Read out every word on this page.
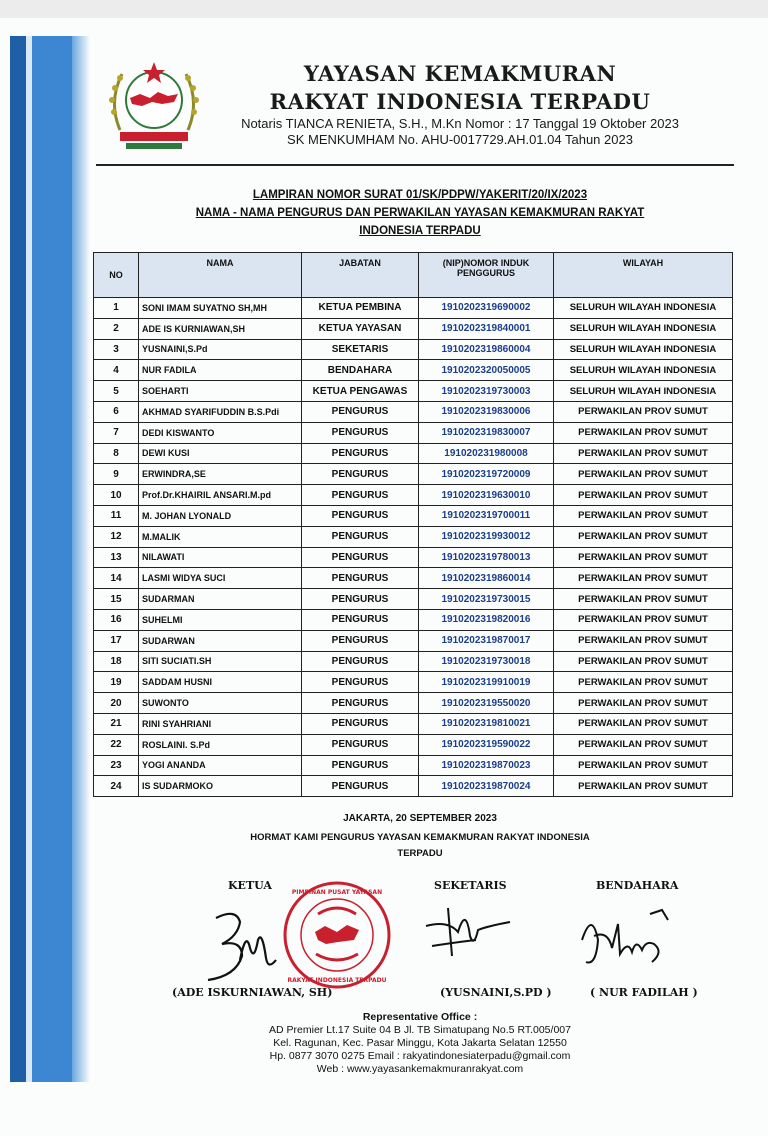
YAYASAN KEMAKMURAN
RAKYAT INDONESIA TERPADU
Notaris TIANCA RENIETA, S.H., M.Kn Nomor : 17 Tanggal 19 Oktober 2023
SK MENKUMHAM No. AHU-0017729.AH.01.04 Tahun 2023
LAMPIRAN NOMOR SURAT 01/SK/PDPW/YAKERIT/20/IX/2023
NAMA - NAMA PENGURUS DAN PERWAKILAN YAYASAN KEMAKMURAN RAKYAT
INDONESIA TERPADU
NO	NAMA	JABATAN	(NIP)NOMOR INDUK PENGGURUS	WILAYAH
1	SONI IMAM SUYATNO SH,MH	KETUA PEMBINA	1910202319690002	SELURUH WILAYAH INDONESIA
2	ADE IS KURNIAWAN,SH	KETUA YAYASAN	1910202319840001	SELURUH WILAYAH INDONESIA
3	YUSNAINI,S.Pd	SEKETARIS	1910202319860004	SELURUH WILAYAH INDONESIA
4	NUR FADILA	BENDAHARA	1910202320050005	SELURUH WILAYAH INDONESIA
5	SOEHARTI	KETUA PENGAWAS	1910202319730003	SELURUH WILAYAH INDONESIA
6	AKHMAD SYARIFUDDIN B.S.Pdi	PENGURUS	1910202319830006	PERWAKILAN PROV SUMUT
7	DEDI KISWANTO	PENGURUS	1910202319830007	PERWAKILAN PROV SUMUT
8	DEWI KUSI	PENGURUS	191020231980008	PERWAKILAN PROV SUMUT
9	ERWINDRA,SE	PENGURUS	1910202319720009	PERWAKILAN PROV SUMUT
10	Prof.Dr.KHAIRIL ANSARI.M.pd	PENGURUS	1910202319630010	PERWAKILAN PROV SUMUT
11	M. JOHAN LYONALD	PENGURUS	1910202319700011	PERWAKILAN PROV SUMUT
12	M.MALIK	PENGURUS	1910202319930012	PERWAKILAN PROV SUMUT
13	NILAWATI	PENGURUS	1910202319780013	PERWAKILAN PROV SUMUT
14	LASMI WIDYA SUCI	PENGURUS	1910202319860014	PERWAKILAN PROV SUMUT
15	SUDARMAN	PENGURUS	1910202319730015	PERWAKILAN PROV SUMUT
16	SUHELMI	PENGURUS	1910202319820016	PERWAKILAN PROV SUMUT
17	SUDARWAN	PENGURUS	1910202319870017	PERWAKILAN PROV SUMUT
18	SITI SUCIATI.SH	PENGURUS	1910202319730018	PERWAKILAN PROV SUMUT
19	SADDAM HUSNI	PENGURUS	1910202319910019	PERWAKILAN PROV SUMUT
20	SUWONTO	PENGURUS	1910202319550020	PERWAKILAN PROV SUMUT
21	RINI SYAHRIANI	PENGURUS	1910202319810021	PERWAKILAN PROV SUMUT
22	ROSLAINI. S.Pd	PENGURUS	1910202319590022	PERWAKILAN PROV SUMUT
23	YOGI ANANDA	PENGURUS	1910202319870023	PERWAKILAN PROV SUMUT
24	IS SUDARMOKO	PENGURUS	1910202319870024	PERWAKILAN PROV SUMUT
JAKARTA, 20 SEPTEMBER 2023
HORMAT KAMI PENGURUS YAYASAN KEMAKMURAN RAKYAT INDONESIA
TERPADU
KETUA	SEKETARIS	BENDAHARA
RAKYAT INDONESIA TERPADU
PIMPINAN PUSAT YAYASAN
(ADE ISKURNIAWAN, SH)	(YUSNAINI,S.PD )	( NUR FADILAH )
Representative Office :
AD Premier Lt.17 Suite 04 B Jl. TB Simatupang No.5 RT.005/007
Kel. Ragunan, Kec. Pasar Minggu, Kota Jakarta Selatan 12550
Hp. 0877 3070 0275 Email : rakyatindonesiaterpadu@gmail.com
Web : www.yayasankemakmuranrakyat.com
